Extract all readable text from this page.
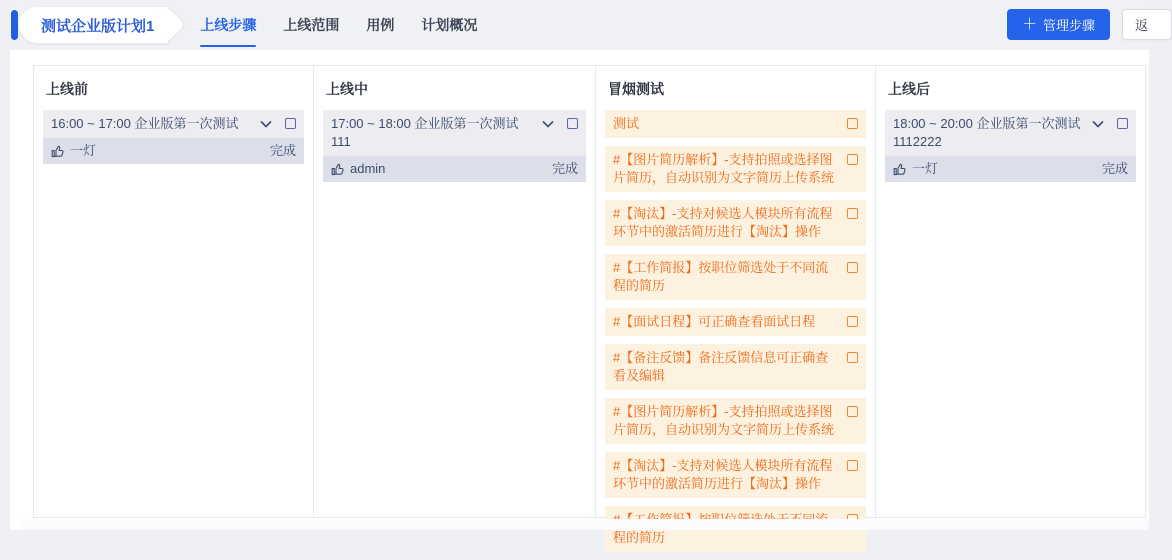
测试企业版计划1	上线步骤 上线范围 用例 计划概况	＋ 管理步骤	返
上线前
16:00 ~ 17:00 企业版第一次测试
一灯	完成
上线中
17:00 ~ 18:00 企业版第一次测试111
admin	完成
冒烟测试
测试
#【图片简历解析】-支持拍照或选择图片简历，自动识别为文字简历上传系统
#【淘汰】-支持对候选人模块所有流程环节中的激活简历进行【淘汰】操作
#【工作简报】按职位筛选处于不同流程的简历
#【面试日程】可正确查看面试日程
#【备注反馈】备注反馈信息可正确查看及编辑
#【图片简历解析】-支持拍照或选择图片简历，自动识别为文字简历上传系统
#【淘汰】-支持对候选人模块所有流程环节中的激活简历进行【淘汰】操作
程的简历
上线后
18:00 ~ 20:00 企业版第一次测试1112222
一灯	完成
